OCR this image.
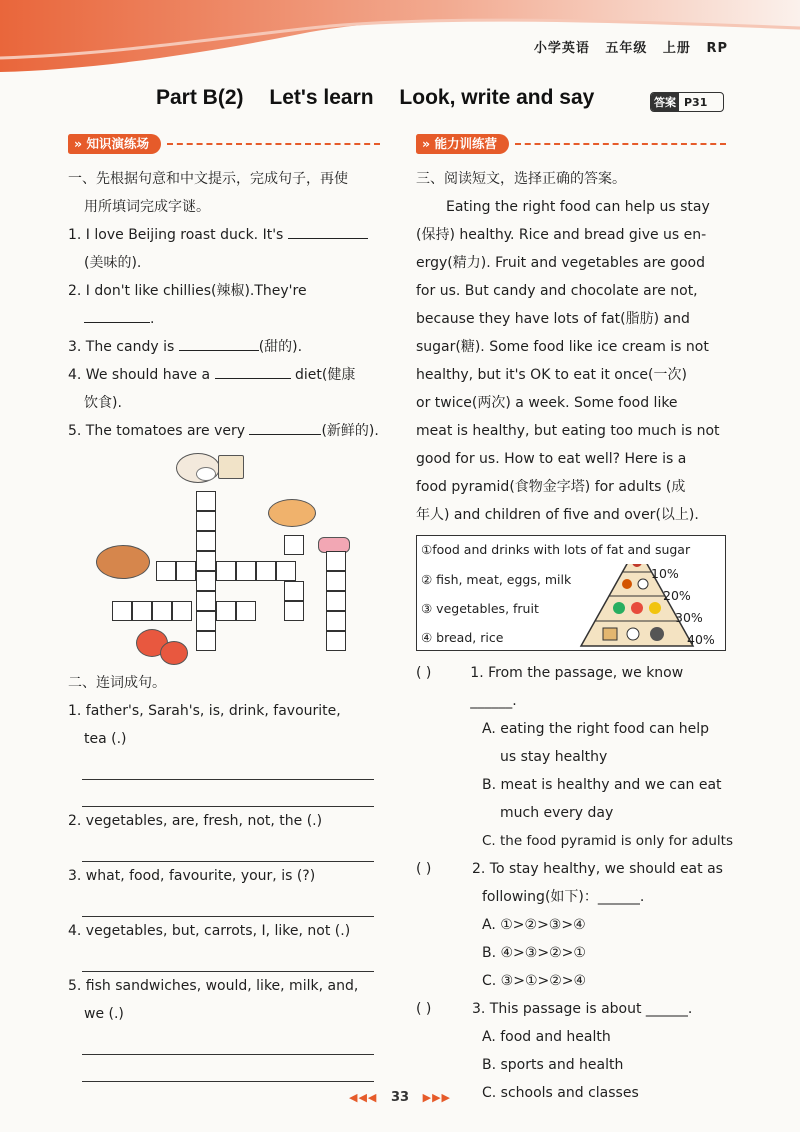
小学英语 五年级 上册 RP
Part B(2) Let's learn Look, write and say	答案 P31
» 知识演练场

一、先根据句意和中文提示，完成句子，再使

用所填词完成字谜。

1. I love Beijing roast duck. It's

(美味的).

2. I don't like chillies(辣椒).They're

.

3. The candy is	(甜的).

4. We should have a	diet(健康

饮食).

5. The tomatoes are very	(新鲜的).

二、连词成句。

1. father's, Sarah's, is, drink, favourite,

tea (.)

2. vegetables, are, fresh, not, the (.)

3. what, food, favourite, your, is (?)

4. vegetables, but, carrots, I, like, not (.)

5. fish sandwiches, would, like, milk, and,

we (.)

» 能力训练营

三、阅读短文，选择正确的答案。

Eating the right food can help us stay

(保持) healthy. Rice and bread give us en-

ergy(精力). Fruit and vegetables are good

for us. But candy and chocolate are not,

because they have lots of fat(脂肪) and

sugar(糖). Some food like ice cream is not

healthy, but it's OK to eat it once(一次)

or twice(两次) a week. Some food like

meat is healthy, but eating too much is not

good for us. How to eat well? Here is a

food pyramid(食物金字塔) for adults (成

年人) and children of five and over(以上).

①food and drinks with lots of fat and sugar
② fish, meat, eggs, milk
③ vegetables, fruit
④ bread, rice
10%
20%
30%
40%
( )	1. From the passage, we know ______.

A. eating the right food can help

us stay healthy

B. meat is healthy and we can eat

much every day

C. the food pyramid is only for adults

( )	2. To stay healthy, we should eat as

following(如下)：______.

A. ①>②>③>④

B. ④>③>②>①

C. ③>①>②>④

( )	3. This passage is about ______.

A. food and health

B. sports and health

C. schools and classes

◀◀◀ 33 ▶▶▶
